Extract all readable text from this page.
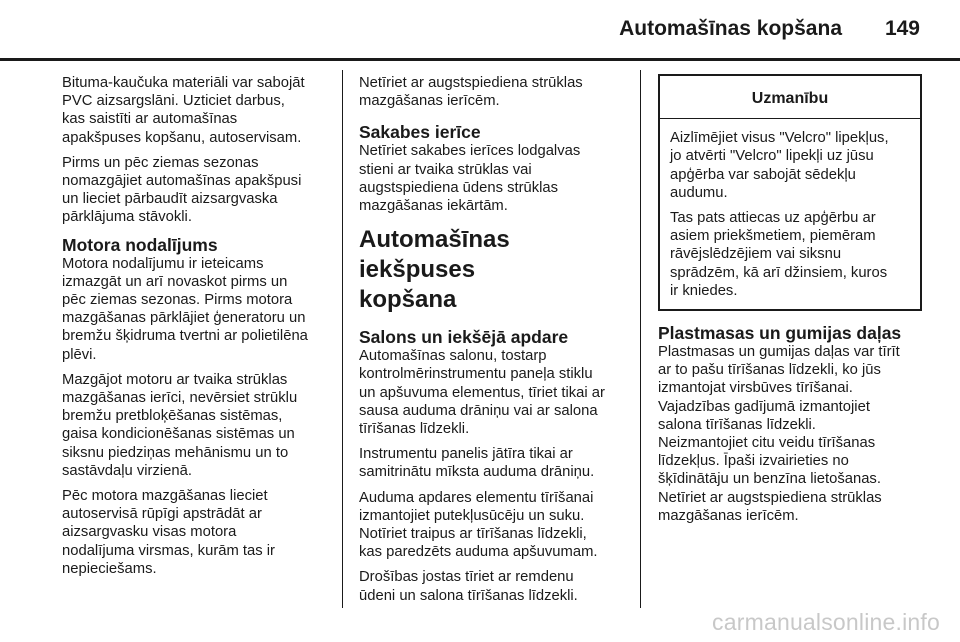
Automašīnas kopšana 149

Bituma-kaučuka materiāli var sabojāt
PVC aizsargslāni. Uzticiet darbus,
kas saistīti ar automašīnas
apakšpuses kopšanu, autoservisam.

Pirms un pēc ziemas sezonas
nomazgājiet automašīnas apakšpusi
un lieciet pārbaudīt aizsargvaska
pārklājuma stāvokli.

Motora nodalījums

Motora nodalījumu ir ieteicams
izmazgāt un arī novaskot pirms un
pēc ziemas sezonas. Pirms motora
mazgāšanas pārklājiet ģeneratoru un
bremžu šķidruma tvertni ar polietilēna
plēvi.

Mazgājot motoru ar tvaika strūklas
mazgāšanas ierīci, nevērsiet strūklu
bremžu pretbloķēšanas sistēmas,
gaisa kondicionēšanas sistēmas un
siksnu piedziņas mehānismu un to
sastāvdaļu virzienā.

Pēc motora mazgāšanas lieciet
autoservisā rūpīgi apstrādāt ar
aizsargvasku visas motora
nodalījuma virsmas, kurām tas ir
nepieciešams.

Netīriet ar augstspiediena strūklas
mazgāšanas ierīcēm.

Sakabes ierīce

Netīriet sakabes ierīces lodgalvas
stieni ar tvaika strūklas vai
augstspiediena ūdens strūklas
mazgāšanas iekārtām.

Automašīnas iekšpuses
kopšana
Salons un iekšējā apdare

Automašīnas salonu, tostarp
kontrolmērinstrumentu paneļa stiklu
un apšuvuma elementus, tīriet tikai ar
sausa auduma drāniņu vai ar salona
tīrīšanas līdzekli.

Instrumentu panelis jātīra tikai ar
samitrinātu mīksta auduma drāniņu.

Auduma apdares elementu tīrīšanai
izmantojiet putekļusūcēju un suku.
Notīriet traipus ar tīrīšanas līdzekli,
kas paredzēts auduma apšuvumam.

Drošības jostas tīriet ar remdenu
ūdeni un salona tīrīšanas līdzekli.

Uzmanību

Aizlīmējiet visus "Velcro" lipekļus,
jo atvērti "Velcro" lipekļi uz jūsu
apģērba var sabojāt sēdekļu
audumu.

Tas pats attiecas uz apģērbu ar
asiem priekšmetiem, piemēram
rāvējslēdzējiem vai siksnu
sprādzēm, kā arī džinsiem, kuros
ir kniedes.

Plastmasas un gumijas daļas

Plastmasas un gumijas daļas var tīrīt
ar to pašu tīrīšanas līdzekli, ko jūs
izmantojat virsbūves tīrīšanai.
Vajadzības gadījumā izmantojiet
salona tīrīšanas līdzekli.
Neizmantojiet citu veidu tīrīšanas
līdzekļus. Īpaši izvairieties no
šķīdinātāju un benzīna lietošanas.
Netīriet ar augstspiediena strūklas
mazgāšanas ierīcēm.

carmanualsonline.info
